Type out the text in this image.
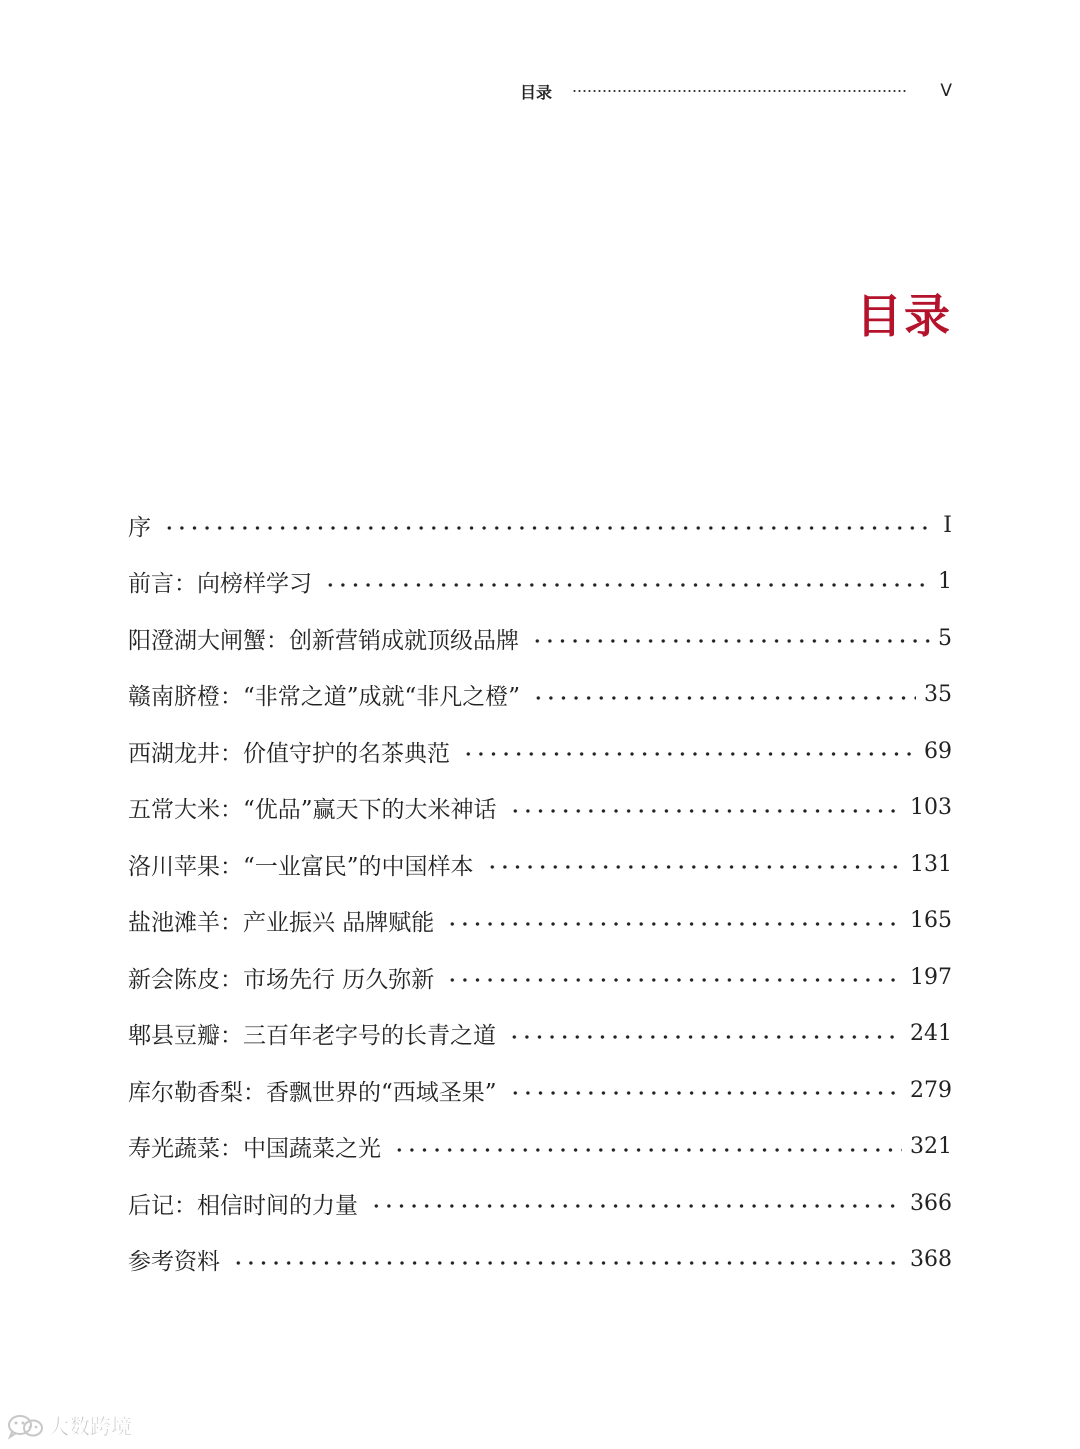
目录	V
目录
序	I
前言：向榜样学习	1
阳澄湖大闸蟹：创新营销成就顶级品牌	5
赣南脐橙：“非常之道”成就“非凡之橙”	35
西湖龙井：价值守护的名茶典范	69
五常大米：“优品”赢天下的大米神话	103
洛川苹果：“一业富民”的中国样本	131
盐池滩羊：产业振兴 品牌赋能	165
新会陈皮：市场先行 历久弥新	197
郫县豆瓣：三百年老字号的长青之道	241
库尔勒香梨：香飘世界的“西域圣果”	279
寿光蔬菜：中国蔬菜之光	321
后记：相信时间的力量	366
参考资料	368
大数跨境
